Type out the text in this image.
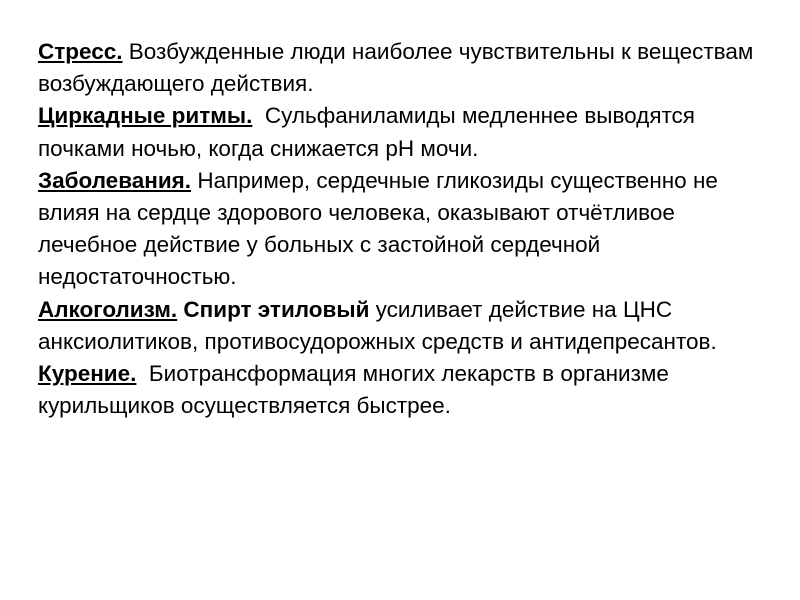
Стресс. Возбужденные люди наиболее чувствительны к веществам возбуждающего действия.

Циркадные ритмы.  Сульфаниламиды медленнее выводятся почками ночью, когда снижается рН мочи.

Заболевания. Например, сердечные гликозиды существенно не влияя на сердце здорового человека, оказывают отчётливое лечебное действие у больных с застойной сердечной недостаточностью.

Алкоголизм. Спирт этиловый усиливает действие на ЦНС анксиолитиков, противосудорожных средств и антидепресантов.

Курение.  Биотрансформация многих лекарств в организме курильщиков осуществляется быстрее.
